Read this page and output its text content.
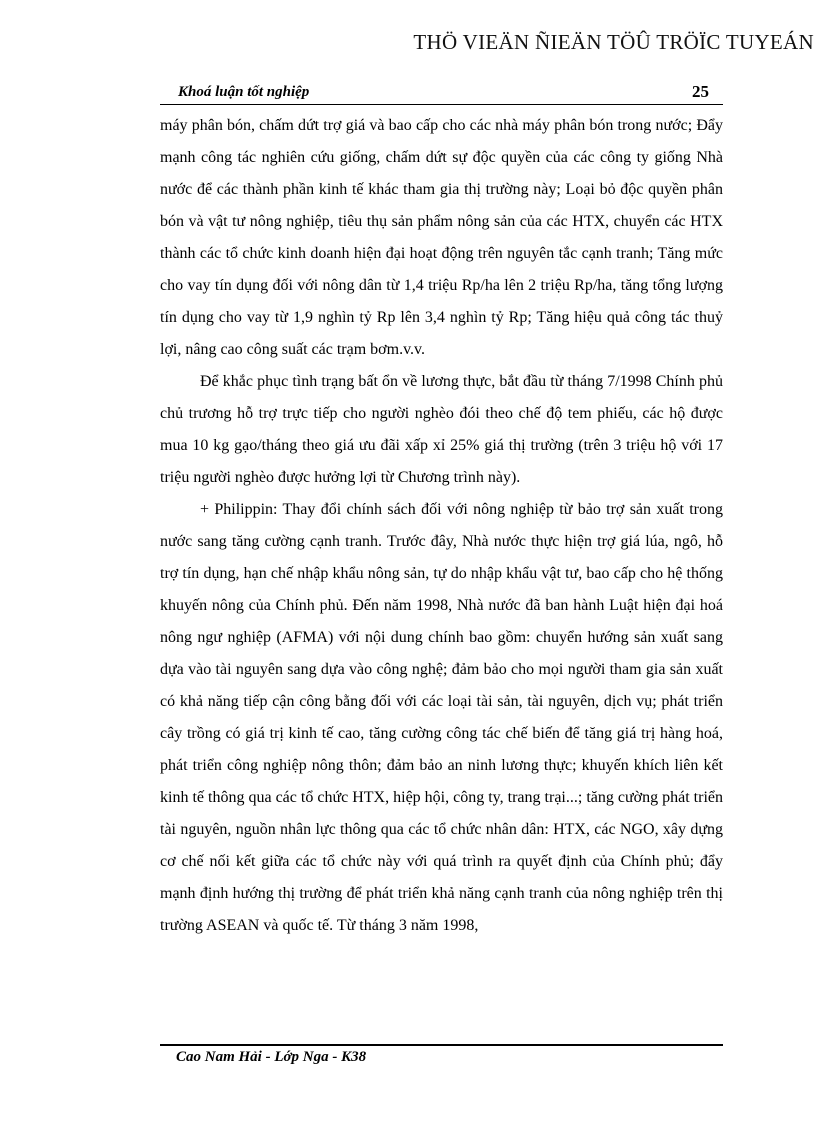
THÖ VIEÄN ÑIEÄN TÖÛ TRÖÏC TUYEÁN
Khoá luận tốt nghiệp	25

máy phân bón, chấm dứt trợ giá và bao cấp cho các nhà máy phân bón trong nước; Đẩy mạnh công tác nghiên cứu giống, chấm dứt sự độc quyền của các công ty giống Nhà nước để các thành phần kinh tế khác tham gia thị trường này; Loại bỏ độc quyền phân bón và vật tư nông nghiệp, tiêu thụ sản phẩm nông sản của các HTX, chuyển các HTX thành các tổ chức kinh doanh hiện đại hoạt động trên nguyên tắc cạnh tranh; Tăng mức cho vay tín dụng đối với nông dân từ 1,4 triệu Rp/ha lên 2 triệu Rp/ha, tăng tổng lượng tín dụng cho vay từ 1,9 nghìn tỷ Rp lên 3,4 nghìn tỷ Rp; Tăng hiệu quả công tác thuỷ lợi, nâng cao công suất các trạm bơm.v.v.

Để khắc phục tình trạng bất ổn về lương thực, bắt đầu từ tháng 7/1998 Chính phủ chủ trương hỗ trợ trực tiếp cho người nghèo đói theo chế độ tem phiếu, các hộ được mua 10 kg gạo/tháng theo giá ưu đãi xấp xỉ 25% giá thị trường (trên 3 triệu hộ với 17 triệu người nghèo được hưởng lợi từ Chương trình này).

+ Philippin: Thay đổi chính sách đối với nông nghiệp từ bảo trợ sản xuất trong nước sang tăng cường cạnh tranh. Trước đây, Nhà nước thực hiện trợ giá lúa, ngô, hỗ trợ tín dụng, hạn chế nhập khẩu nông sản, tự do nhập khẩu vật tư, bao cấp cho hệ thống khuyến nông của Chính phủ. Đến năm 1998, Nhà nước đã ban hành Luật hiện đại hoá nông ngư nghiệp (AFMA) với nội dung chính bao gồm: chuyển hướng sản xuất sang dựa vào tài nguyên sang dựa vào công nghệ; đảm bảo cho mọi người tham gia sản xuất có khả năng tiếp cận công bằng đối với các loại tài sản, tài nguyên, dịch vụ; phát triển cây trồng có giá trị kinh tế cao, tăng cường công tác chế biến để tăng giá trị hàng hoá, phát triển công nghiệp nông thôn; đảm bảo an ninh lương thực; khuyến khích liên kết kinh tế thông qua các tổ chức HTX, hiệp hội, công ty, trang trại...; tăng cường phát triển tài nguyên, nguồn nhân lực thông qua các tổ chức nhân dân: HTX, các NGO, xây dựng cơ chế nối kết giữa các tổ chức này với quá trình ra quyết định của Chính phủ; đẩy mạnh định hướng thị trường để phát triển khả năng cạnh tranh của nông nghiệp trên thị trường ASEAN và quốc tế. Từ tháng 3 năm 1998,

Cao Nam Hải - Lớp Nga - K38
